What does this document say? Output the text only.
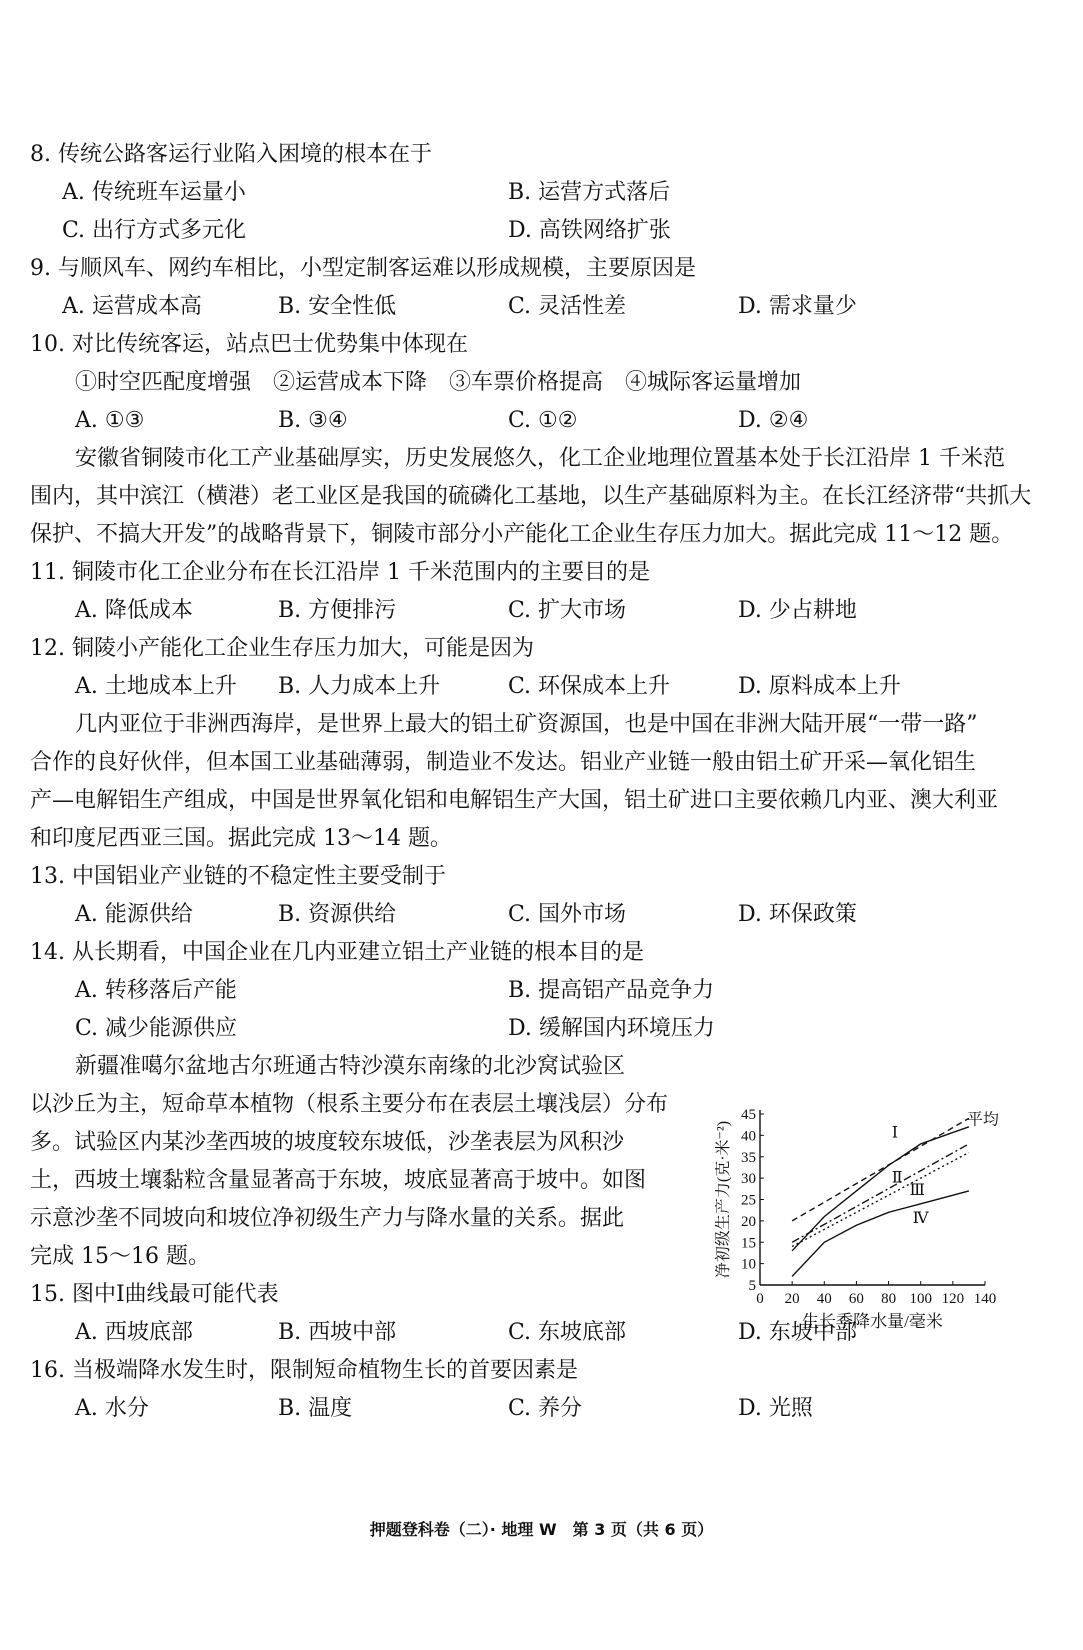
8. 传统公路客运行业陷入困境的根本在于
A. 传统班车运量小	B. 运营方式落后
C. 出行方式多元化	D. 高铁网络扩张
9. 与顺风车、网约车相比，小型定制客运难以形成规模，主要原因是
A. 运营成本高	B. 安全性低	C. 灵活性差	D. 需求量少
10. 对比传统客运，站点巴士优势集中体现在
①时空匹配度增强　②运营成本下降　③车票价格提高　④城际客运量增加
A. ①③	B. ③④	C. ①②	D. ②④
安徽省铜陵市化工产业基础厚实，历史发展悠久，化工企业地理位置基本处于长江沿岸 1 千米范
围内，其中滨江（横港）老工业区是我国的硫磷化工基地，以生产基础原料为主。在长江经济带“共抓大
保护、不搞大开发”的战略背景下，铜陵市部分小产能化工企业生存压力加大。据此完成 11～12 题。
11. 铜陵市化工企业分布在长江沿岸 1 千米范围内的主要目的是
A. 降低成本	B. 方便排污	C. 扩大市场	D. 少占耕地
12. 铜陵小产能化工企业生存压力加大，可能是因为
A. 土地成本上升 B. 人力成本上升	C. 环保成本上升	D. 原料成本上升
几内亚位于非洲西海岸，是世界上最大的铝土矿资源国，也是中国在非洲大陆开展“一带一路”
合作的良好伙伴，但本国工业基础薄弱，制造业不发达。铝业产业链一般由铝土矿开采—氧化铝生
产—电解铝生产组成，中国是世界氧化铝和电解铝生产大国，铝土矿进口主要依赖几内亚、澳大利亚
和印度尼西亚三国。据此完成 13～14 题。
13. 中国铝业产业链的不稳定性主要受制于
A. 能源供给	B. 资源供给	C. 国外市场	D. 环保政策
14. 从长期看，中国企业在几内亚建立铝土产业链的根本目的是
A. 转移落后产能	B. 提高铝产品竞争力
C. 减少能源供应	D. 缓解国内环境压力
新疆准噶尔盆地古尔班通古特沙漠东南缘的北沙窝试验区
以沙丘为主，短命草本植物（根系主要分布在表层土壤浅层）分布
多。试验区内某沙垄西坡的坡度较东坡低，沙垄表层为风积沙
土，西坡土壤黏粒含量显著高于东坡，坡底显著高于坡中。如图
示意沙垄不同坡向和坡位净初级生产力与降水量的关系。据此
完成 15～16 题。
0 20 40 60 80 100 120 140
5
10
15
20
25
30
35
40
45
生长季降水量/毫米
净初级生产力(克·米⁻²)	Ⅰ
平均
Ⅱ
Ⅲ
Ⅳ
15. 图中Ⅰ曲线最可能代表
A. 西坡底部	B. 西坡中部	C. 东坡底部	D. 东坡中部
16. 当极端降水发生时，限制短命植物生长的首要因素是
A. 水分	B. 温度	C. 养分	D. 光照
押题登科卷（二）· 地理 W　第 3 页（共 6 页）
